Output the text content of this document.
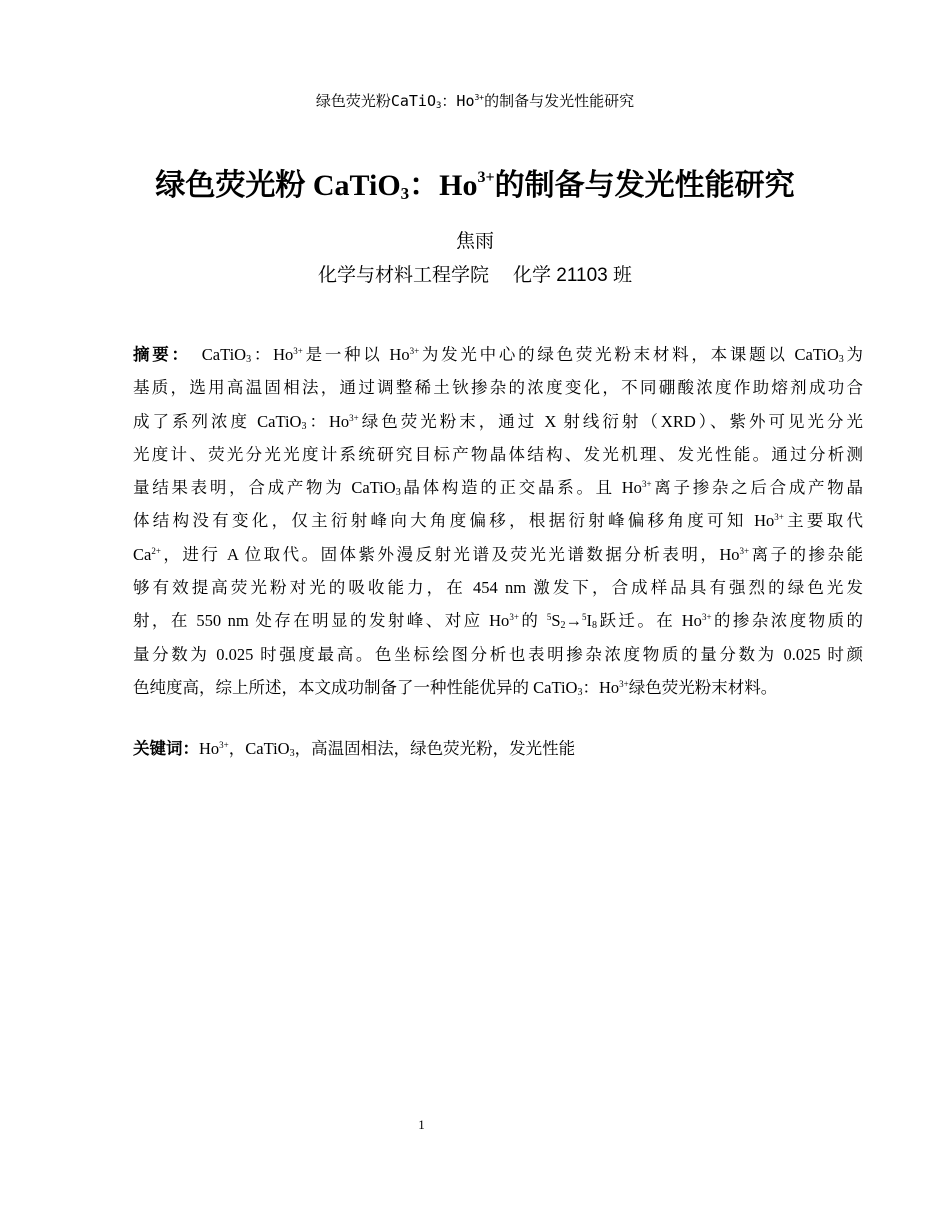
绿色荧光粉CaTiO$_3$：$Ho^{3+}$的制备与发光性能研究
绿色荧光粉 CaTiO$_3$：$Ho^{3+}$的制备与发光性能研究
焦雨
化学与材料工程学院 化学 21103 班
摘要：　CaTiO$_3$：$Ho^{3+}$是一种以 $Ho^{3+}$为发光中心的绿色荧光粉末材料，本课题以 CaTiO$_3$为
基质，选用高温固相法，通过调整稀土钬掺杂的浓度变化，不同硼酸浓度作助熔剂成功合
成了系列浓度 CaTiO$_3$：$Ho^{3+}$绿色荧光粉末，通过 X 射线衍射（XRD）、紫外可见光分光
光度计、荧光分光光度计系统研究目标产物晶体结构、发光机理、发光性能。通过分析测
量结果表明，合成产物为 CaTiO$_3$晶体构造的正交晶系。且 $Ho^{3+}$离子掺杂之后合成产物晶
体结构没有变化，仅主衍射峰向大角度偏移，根据衍射峰偏移角度可知 $Ho^{3+}$主要取代
$Ca^{2+}$，进行 A 位取代。固体紫外漫反射光谱及荧光光谱数据分析表明，$Ho^{3+}$离子的掺杂能
够有效提高荧光粉对光的吸收能力，在 454 nm 激发下，合成样品具有强烈的绿色光发
射，在 550 nm 处存在明显的发射峰、对应 $Ho^{3+}$的 $^5S_2\to^5I_8$跃迁。在 $Ho^{3+}$的掺杂浓度物质的
量分数为 0.025 时强度最高。色坐标绘图分析也表明掺杂浓度物质的量分数为 0.025 时颜
色纯度高，综上所述，本文成功制备了一种性能优异的 CaTiO$_3$：$Ho^{3+}$绿色荧光粉末材料。
关键词：$Ho^{3+}$，CaTiO$_3$，高温固相法，绿色荧光粉，发光性能
1
